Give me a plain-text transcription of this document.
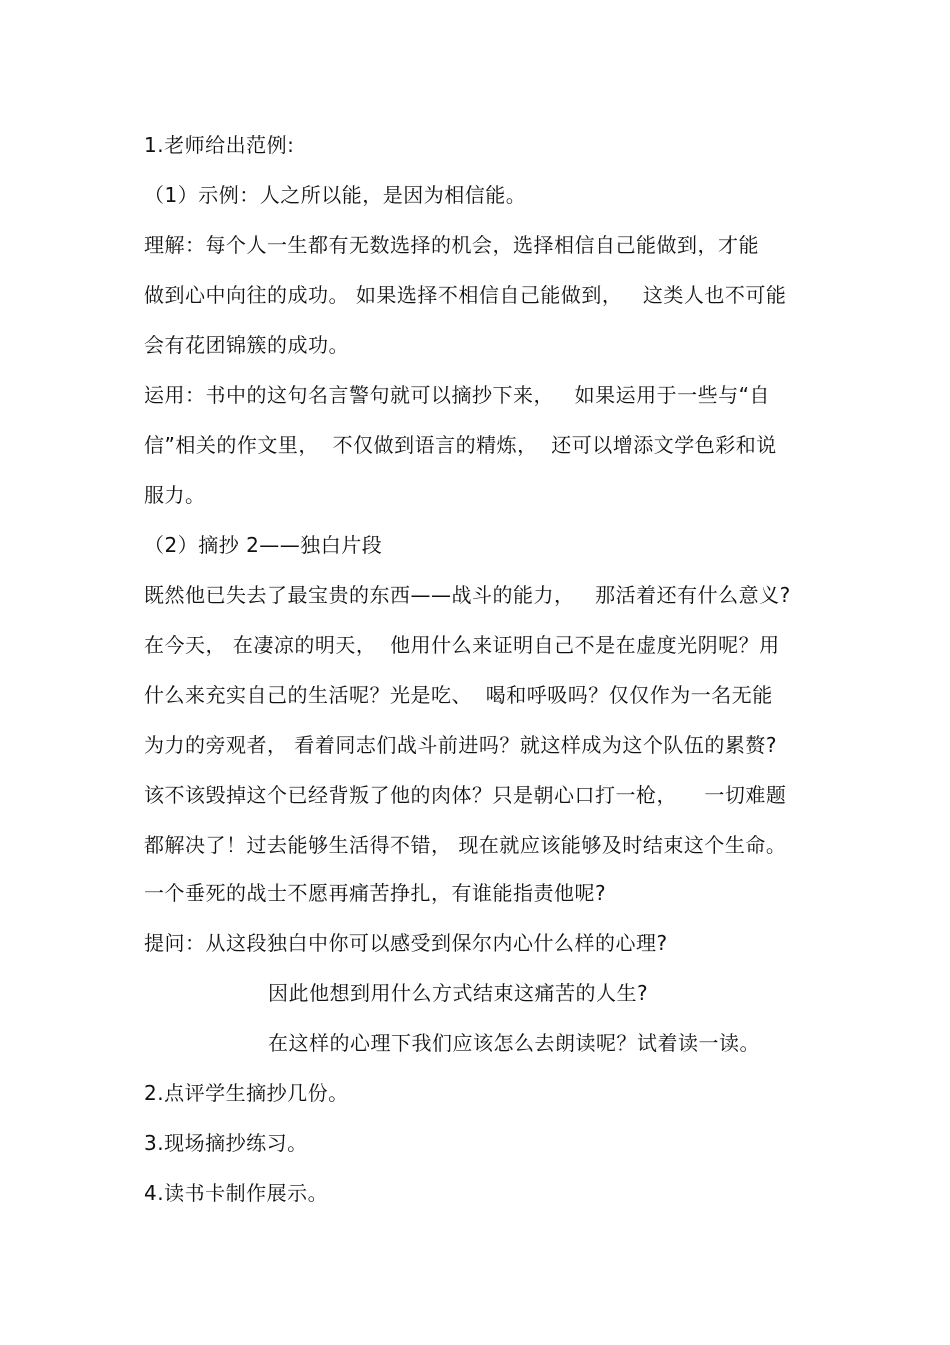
1.老师给出范例:
（1）示例：人之所以能，是因为相信能。
理解：每个人一生都有无数选择的机会，选择相信自己能做到，才能
做到心中向往的成功。 如果选择不相信自己能做到，   这类人也不可能
会有花团锦簇的成功。
运用：书中的这句名言警句就可以摘抄下来，   如果运用于一些与“自
信”相关的作文里，  不仅做到语言的精炼，  还可以增添文学色彩和说
服力。
（2）摘抄 2——独白片段
既然他已失去了最宝贵的东西——战斗的能力，   那活着还有什么意义?
在今天， 在凄凉的明天，  他用什么来证明自己不是在虚度光阴呢？用
什么来充实自己的生活呢？光是吃、  喝和呼吸吗？仅仅作为一名无能
为力的旁观者， 看着同志们战斗前进吗？就这样成为这个队伍的累赘?
该不该毁掉这个已经背叛了他的肉体？只是朝心口打一枪，    一切难题
都解决了！过去能够生活得不错， 现在就应该能够及时结束这个生命。
一个垂死的战士不愿再痛苦挣扎，有谁能指责他呢?
提问：从这段独白中你可以感受到保尔内心什么样的心理?
因此他想到用什么方式结束这痛苦的人生?
在这样的心理下我们应该怎么去朗读呢？试着读一读。
2.点评学生摘抄几份。
3.现场摘抄练习。
4.读书卡制作展示。
